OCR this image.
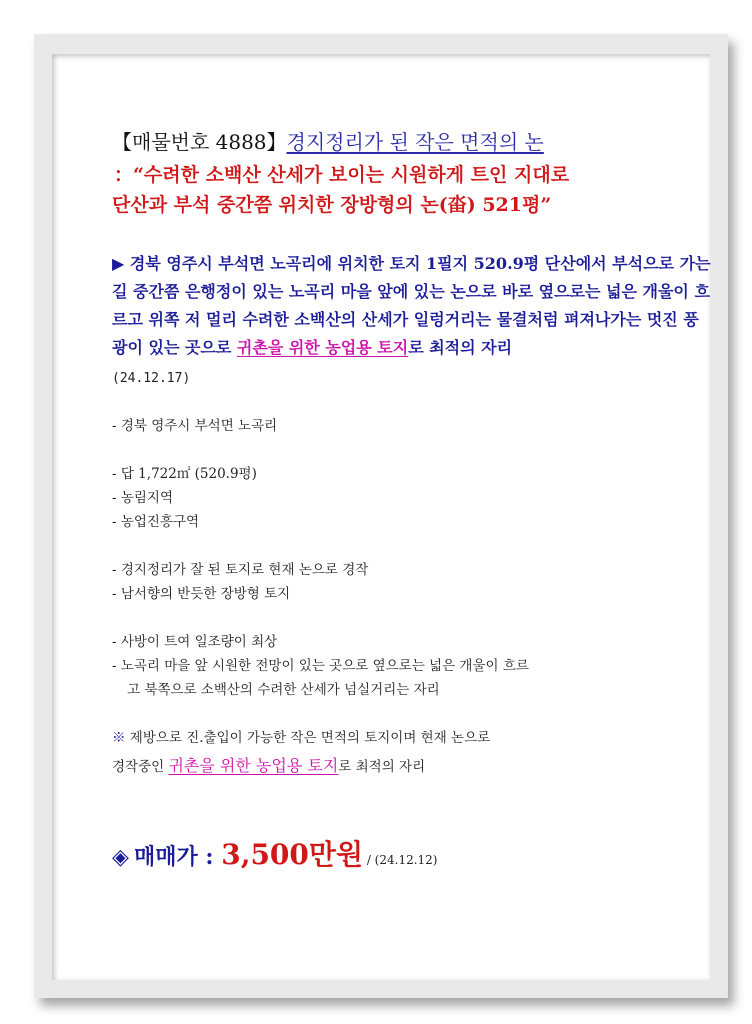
【매물번호 4888】경지정리가 된 작은 면적의 논

：“수려한 소백산 산세가 보이는 시원하게 트인 지대로

단산과 부석 중간쯤 위치한 장방형의 논(畓) 521평”

▶ 경북 영주시 부석면 노곡리에 위치한 토지 1필지 520.9평 단산에서 부석으로 가는 길 중간쯤 은행정이 있는 노곡리 마을 앞에 있는 논으로 바로 옆으로는 넓은 개울이 흐르고 위쪽 저 멀리 수려한 소백산의 산세가 일렁거리는 물결처럼 펴져나가는 멋진 풍광이 있는 곳으로 귀촌을 위한 농업용 토지로 최적의 자리
(24.12.17)
- 경북 영주시 부석면 노곡리
- 답 1,722㎡ (520.9평)
- 농림지역
- 농업진흥구역
- 경지정리가 잘 된 토지로 현재 논으로 경작
- 남서향의 반듯한 장방형 토지
- 사방이 트여 일조량이 최상
- 노곡리 마을 앞 시원한 전망이 있는 곳으로 옆으로는 넓은 개울이 흐르
고 북쪽으로 소백산의 수려한 산세가 넘실거리는 자리
※ 제방으로 진.출입이 가능한 작은 면적의 토지이며 현재 논으로
경작중인 귀촌을 위한 농업용 토지로 최적의 자리
◈ 매매가 : 3,500만원 / (24.12.12)
